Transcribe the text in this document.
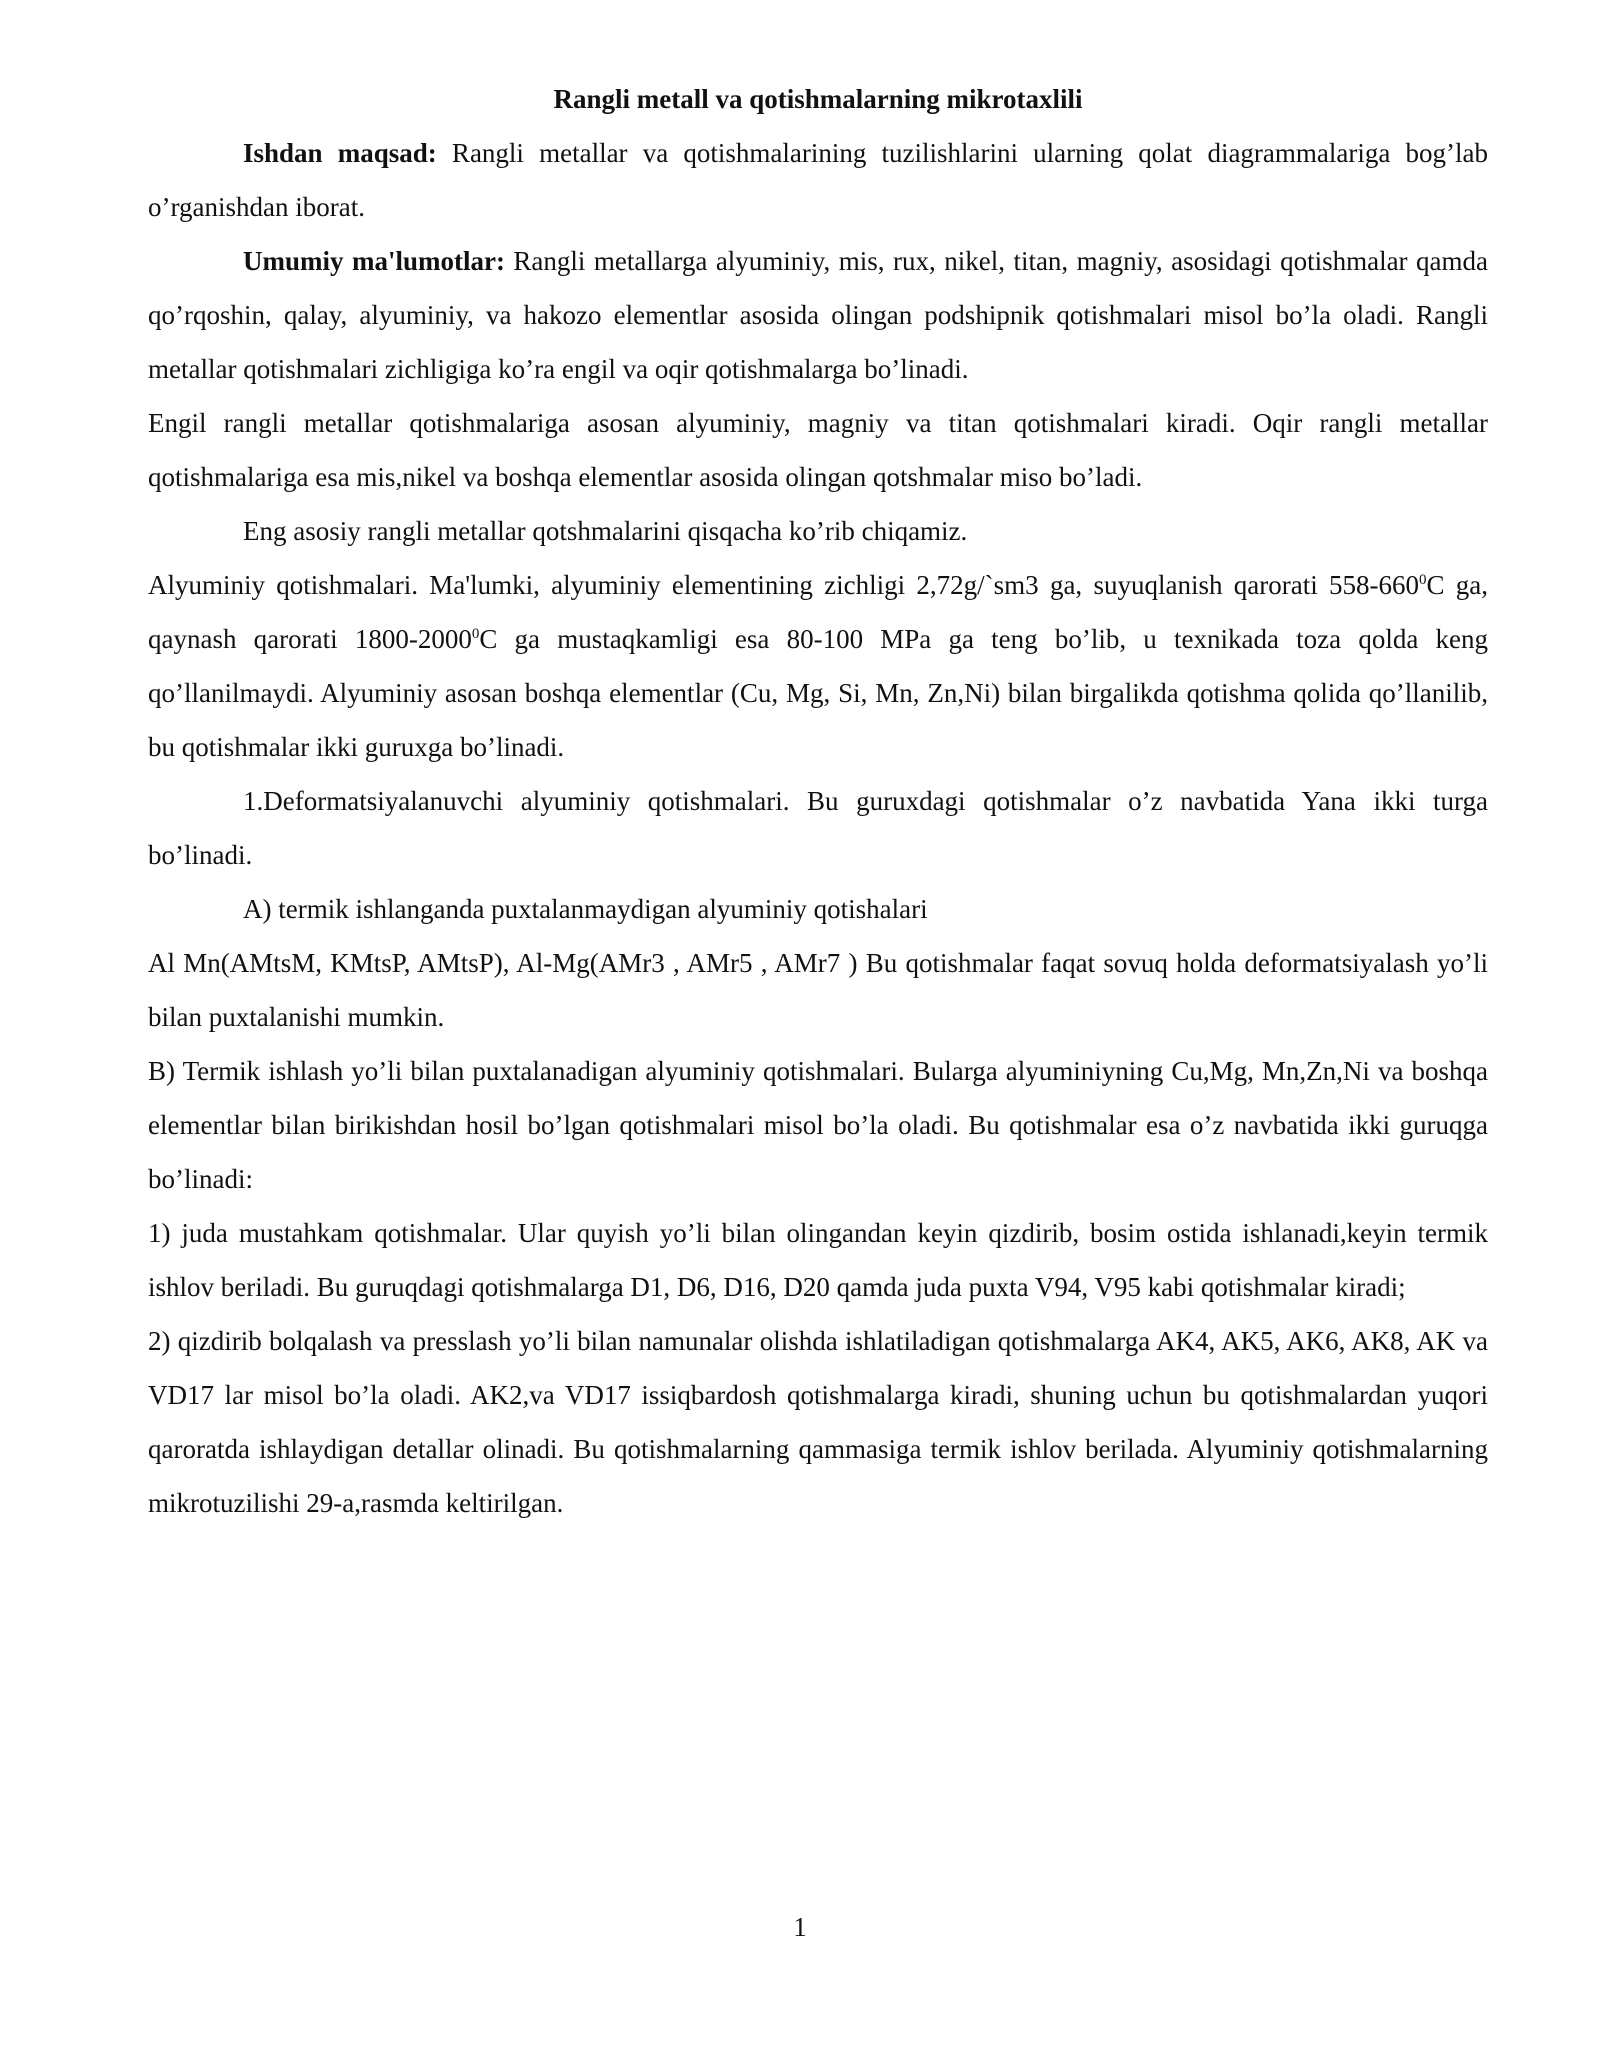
Rangli metall va qotishmalarning mikrotaxlili

Ishdan maqsad: Rangli metallar va qotishmalarining tuzilishlarini ularning qolat diagrammalariga bog’lab o’rganishdan iborat.

Umumiy ma'lumotlar: Rangli metallarga alyuminiy, mis, rux, nikel, titan, magniy, asosidagi qotishmalar qamda qo’rqoshin, qalay, alyuminiy, va hakozo elementlar asosida olingan podshipnik qotishmalari misol bo’la oladi. Rangli metallar qotishmalari zichligiga ko’ra engil va oqir qotishmalarga bo’linadi.

Engil rangli metallar qotishmalariga asosan alyuminiy, magniy va titan qotishmalari kiradi. Oqir rangli metallar qotishmalariga esa mis,nikel va boshqa elementlar asosida olingan qotshmalar miso bo’ladi.

Eng asosiy rangli metallar qotshmalarini qisqacha ko’rib chiqamiz.

Alyuminiy qotishmalari. Ma'lumki, alyuminiy elementining zichligi 2,72g/`sm3 ga, suyuqlanish qarorati $558-660^0C$ ga, qaynash qarorati 1800-2000$^0$C ga mustaqkamligi esa 80-100 MPa ga teng bo’lib, u texnikada toza qolda keng qo’llanilmaydi. Alyuminiy asosan boshqa elementlar (Cu, Mg, Si, Mn, Zn,Ni) bilan birgalikda qotishma qolida qo’llanilib, bu qotishmalar ikki guruxga bo’linadi.

1.Deformatsiyalanuvchi alyuminiy qotishmalari. Bu guruxdagi qotishmalar o’z navbatida Yana ikki turga bo’linadi.

A) termik ishlanganda puxtalanmaydigan alyuminiy qotishalari

Al Mn(AMtsM, KMtsP, AMtsP), Al-Mg(AMr3 , AMr5 , AMr7 ) Bu qotishmalar faqat sovuq holda deformatsiyalash yo’li bilan puxtalanishi mumkin.

B) Termik ishlash yo’li bilan puxtalanadigan alyuminiy qotishmalari. Bularga alyuminiyning Cu,Mg, Mn,Zn,Ni va boshqa elementlar bilan birikishdan hosil bo’lgan qotishmalari misol bo’la oladi. Bu qotishmalar esa o’z navbatida ikki guruqga bo’linadi:

1) juda mustahkam qotishmalar. Ular quyish yo’li bilan olingandan keyin qizdirib, bosim ostida ishlanadi,keyin termik ishlov beriladi. Bu guruqdagi qotishmalarga D1, D6, D16, D20 qamda juda puxta V94, V95 kabi qotishmalar kiradi;

2) qizdirib bolqalash va presslash yo’li bilan namunalar olishda ishlatiladigan qotishmalarga AK4, AK5, AK6, AK8, AK va VD17 lar misol bo’la oladi. AK2,va VD17 issiqbardosh qotishmalarga kiradi, shuning uchun bu qotishmalardan yuqori qaroratda ishlaydigan detallar olinadi. Bu qotishmalarning qammasiga termik ishlov berilada. Alyuminiy qotishmalarning mikrotuzilishi 29-a,rasmda keltirilgan.

1
